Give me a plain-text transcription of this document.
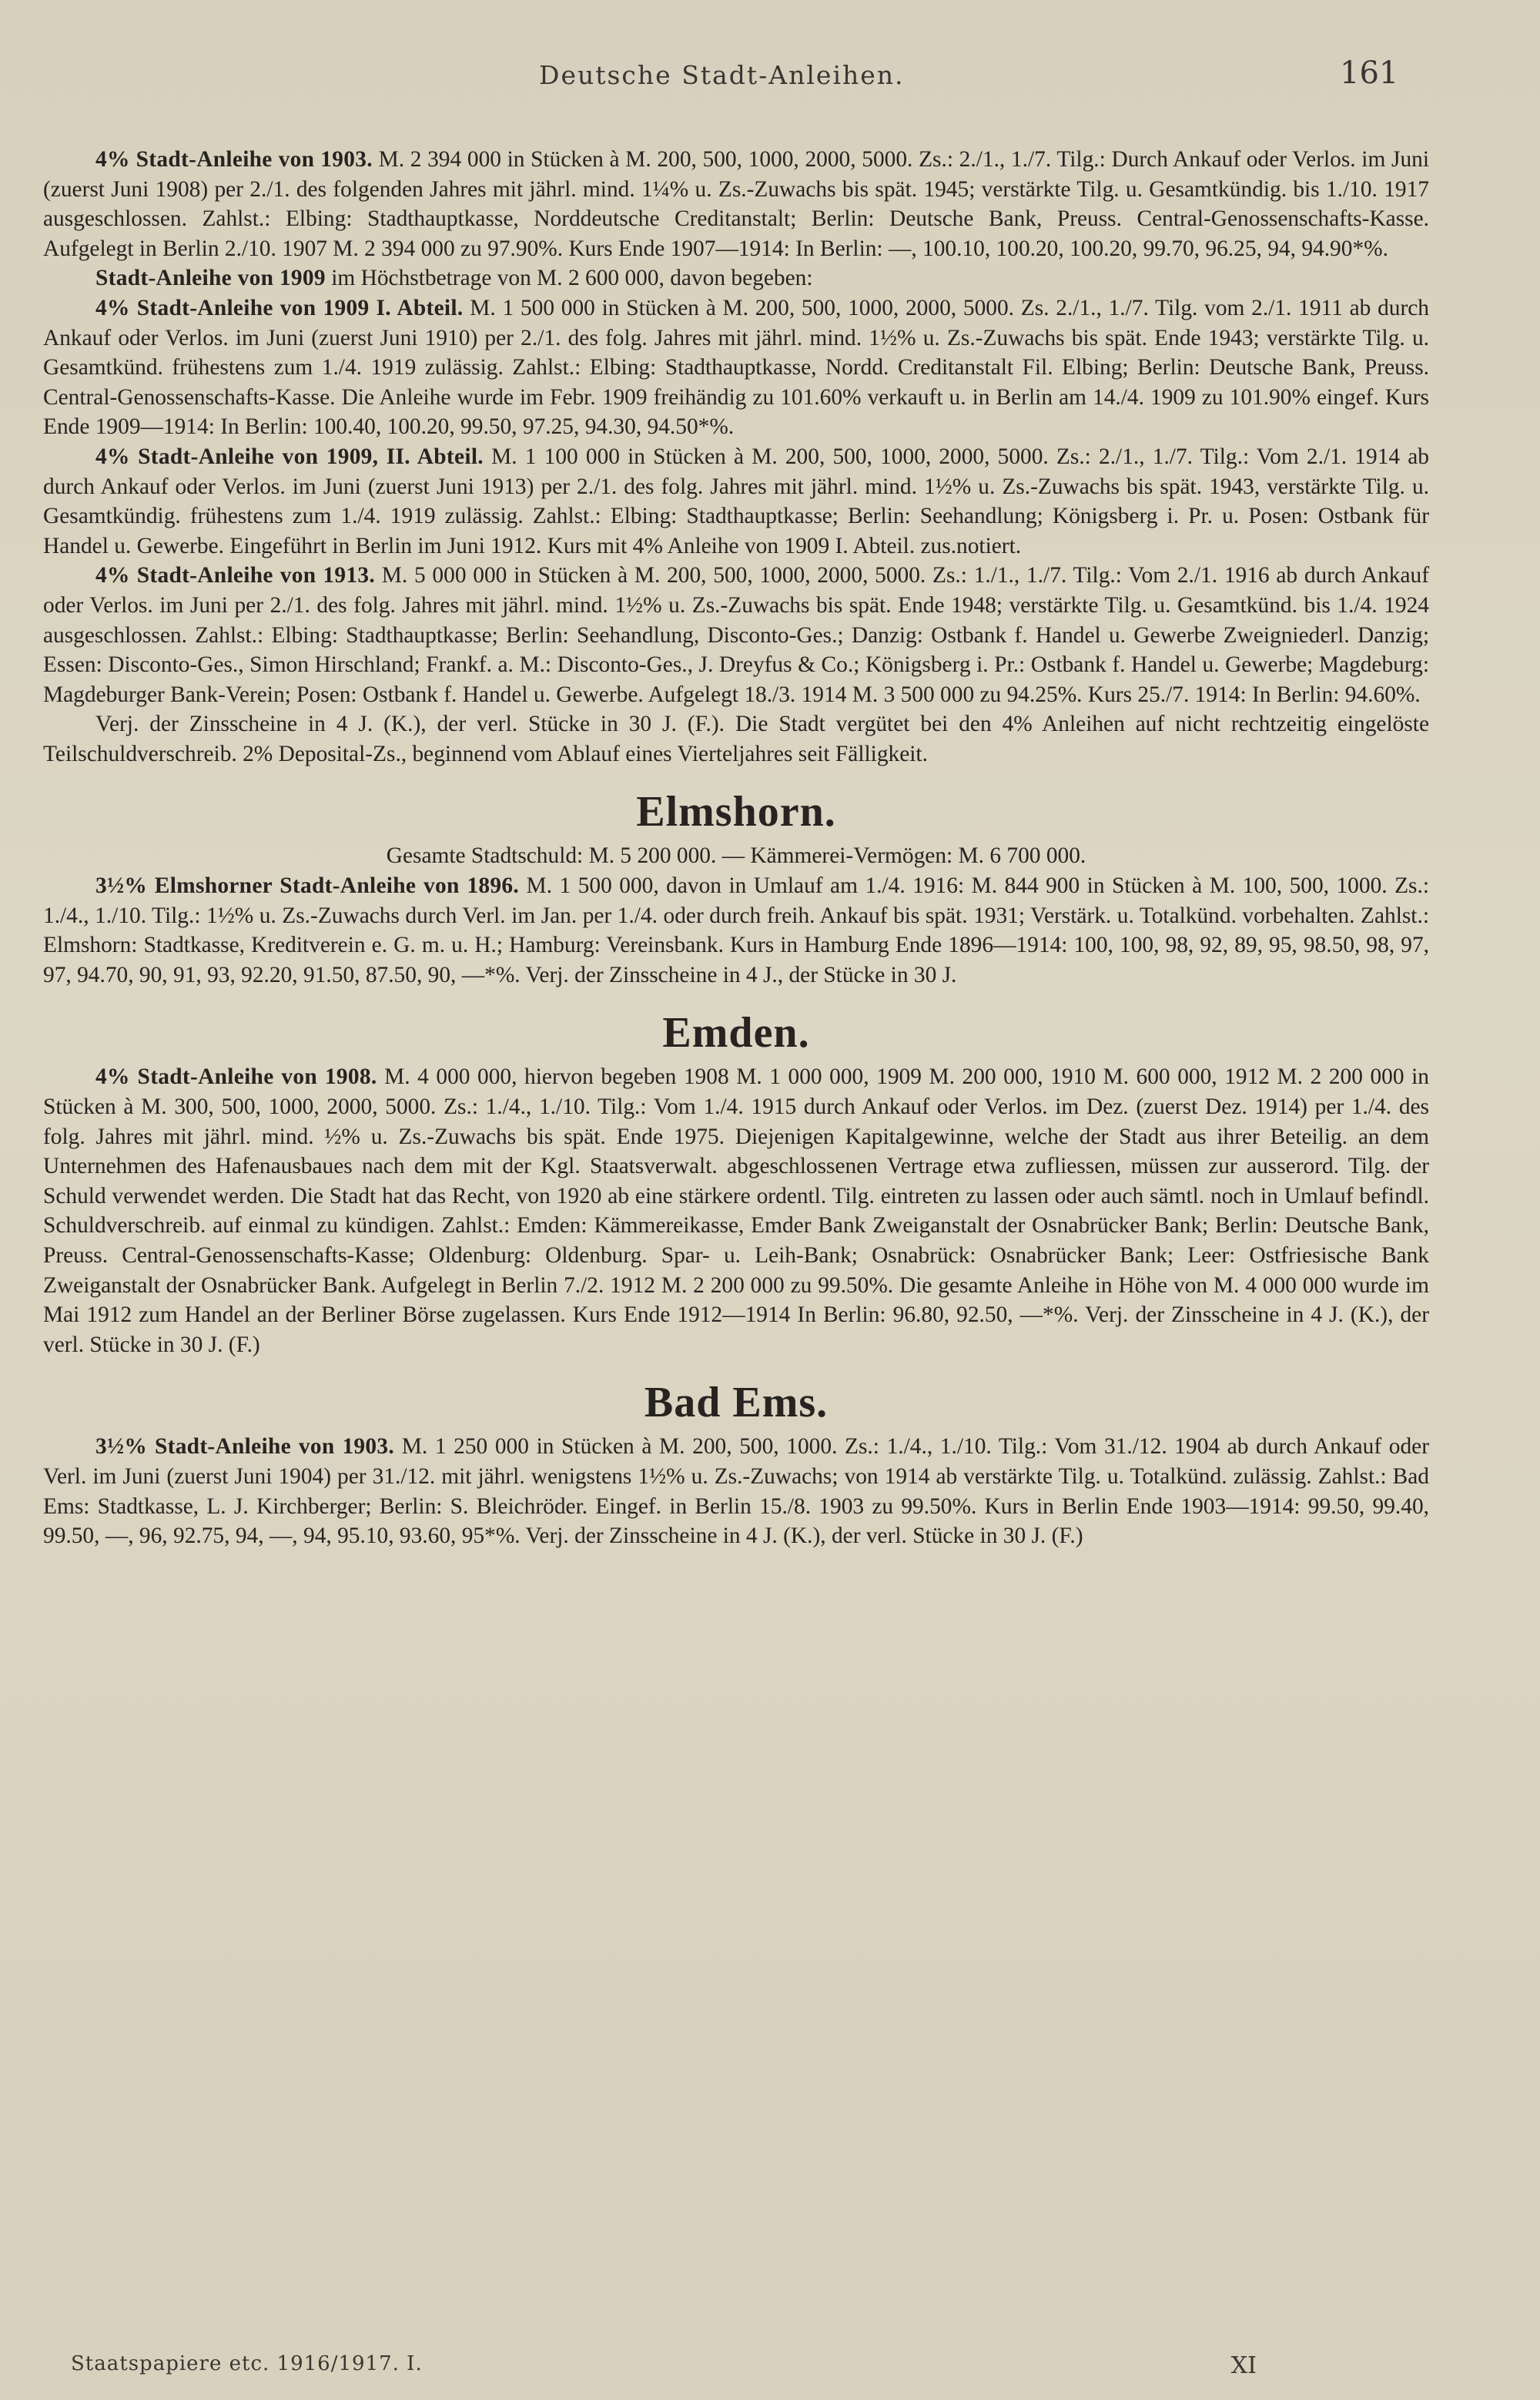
Deutsche Stadt-Anleihen.	161

4% Stadt-Anleihe von 1903. M. 2 394 000 in Stücken à M. 200, 500, 1000, 2000, 5000. Zs.: 2./1., 1./7. Tilg.: Durch Ankauf oder Verlos. im Juni (zuerst Juni 1908) per 2./1. des folgenden Jahres mit jährl. mind. 1¼% u. Zs.-Zuwachs bis spät. 1945; verstärkte Tilg. u. Gesamtkündig. bis 1./10. 1917 ausgeschlossen. Zahlst.: Elbing: Stadthauptkasse, Norddeutsche Creditanstalt; Berlin: Deutsche Bank, Preuss. Central-Genossenschafts-Kasse. Aufgelegt in Berlin 2./10. 1907 M. 2 394 000 zu 97.90%. Kurs Ende 1907—1914: In Berlin: —, 100.10, 100.20, 100.20, 99.70, 96.25, 94, 94.90*%.

Stadt-Anleihe von 1909 im Höchstbetrage von M. 2 600 000, davon begeben:

4% Stadt-Anleihe von 1909 I. Abteil. M. 1 500 000 in Stücken à M. 200, 500, 1000, 2000, 5000. Zs. 2./1., 1./7. Tilg. vom 2./1. 1911 ab durch Ankauf oder Verlos. im Juni (zuerst Juni 1910) per 2./1. des folg. Jahres mit jährl. mind. 1½% u. Zs.-Zuwachs bis spät. Ende 1943; verstärkte Tilg. u. Gesamtkünd. frühestens zum 1./4. 1919 zulässig. Zahlst.: Elbing: Stadthauptkasse, Nordd. Creditanstalt Fil. Elbing; Berlin: Deutsche Bank, Preuss. Central-Genossenschafts-Kasse. Die Anleihe wurde im Febr. 1909 freihändig zu 101.60% verkauft u. in Berlin am 14./4. 1909 zu 101.90% eingef. Kurs Ende 1909—1914: In Berlin: 100.40, 100.20, 99.50, 97.25, 94.30, 94.50*%.

4% Stadt-Anleihe von 1909, II. Abteil. M. 1 100 000 in Stücken à M. 200, 500, 1000, 2000, 5000. Zs.: 2./1., 1./7. Tilg.: Vom 2./1. 1914 ab durch Ankauf oder Verlos. im Juni (zuerst Juni 1913) per 2./1. des folg. Jahres mit jährl. mind. 1½% u. Zs.-Zuwachs bis spät. 1943, verstärkte Tilg. u. Gesamtkündig. frühestens zum 1./4. 1919 zulässig. Zahlst.: Elbing: Stadthauptkasse; Berlin: Seehandlung; Königsberg i. Pr. u. Posen: Ostbank für Handel u. Gewerbe. Eingeführt in Berlin im Juni 1912. Kurs mit 4% Anleihe von 1909 I. Abteil. zus.notiert.

4% Stadt-Anleihe von 1913. M. 5 000 000 in Stücken à M. 200, 500, 1000, 2000, 5000. Zs.: 1./1., 1./7. Tilg.: Vom 2./1. 1916 ab durch Ankauf oder Verlos. im Juni per 2./1. des folg. Jahres mit jährl. mind. 1½% u. Zs.-Zuwachs bis spät. Ende 1948; verstärkte Tilg. u. Gesamtkünd. bis 1./4. 1924 ausgeschlossen. Zahlst.: Elbing: Stadthauptkasse; Berlin: Seehandlung, Disconto-Ges.; Danzig: Ostbank f. Handel u. Gewerbe Zweigniederl. Danzig; Essen: Disconto-Ges., Simon Hirschland; Frankf. a. M.: Disconto-Ges., J. Dreyfus & Co.; Königsberg i. Pr.: Ostbank f. Handel u. Gewerbe; Magdeburg: Magdeburger Bank-Verein; Posen: Ostbank f. Handel u. Gewerbe. Aufgelegt 18./3. 1914 M. 3 500 000 zu 94.25%. Kurs 25./7. 1914: In Berlin: 94.60%.

Verj. der Zinsscheine in 4 J. (K.), der verl. Stücke in 30 J. (F.). Die Stadt vergütet bei den 4% Anleihen auf nicht rechtzeitig eingelöste Teilschuldverschreib. 2% Deposital-Zs., beginnend vom Ablauf eines Vierteljahres seit Fälligkeit.

Elmshorn.

Gesamte Stadtschuld: M. 5 200 000. — Kämmerei-Vermögen: M. 6 700 000.

3½% Elmshorner Stadt-Anleihe von 1896. M. 1 500 000, davon in Umlauf am 1./4. 1916: M. 844 900 in Stücken à M. 100, 500, 1000. Zs.: 1./4., 1./10. Tilg.: 1½% u. Zs.-Zuwachs durch Verl. im Jan. per 1./4. oder durch freih. Ankauf bis spät. 1931; Verstärk. u. Totalkünd. vorbehalten. Zahlst.: Elmshorn: Stadtkasse, Kreditverein e. G. m. u. H.; Hamburg: Vereinsbank. Kurs in Hamburg Ende 1896—1914: 100, 100, 98, 92, 89, 95, 98.50, 98, 97, 97, 94.70, 90, 91, 93, 92.20, 91.50, 87.50, 90, —*%. Verj. der Zinsscheine in 4 J., der Stücke in 30 J.

Emden.

4% Stadt-Anleihe von 1908. M. 4 000 000, hiervon begeben 1908 M. 1 000 000, 1909 M. 200 000, 1910 M. 600 000, 1912 M. 2 200 000 in Stücken à M. 300, 500, 1000, 2000, 5000. Zs.: 1./4., 1./10. Tilg.: Vom 1./4. 1915 durch Ankauf oder Verlos. im Dez. (zuerst Dez. 1914) per 1./4. des folg. Jahres mit jährl. mind. ½% u. Zs.-Zuwachs bis spät. Ende 1975. Diejenigen Kapitalgewinne, welche der Stadt aus ihrer Beteilig. an dem Unternehmen des Hafenausbaues nach dem mit der Kgl. Staatsverwalt. abgeschlossenen Vertrage etwa zufliessen, müssen zur ausserord. Tilg. der Schuld verwendet werden. Die Stadt hat das Recht, von 1920 ab eine stärkere ordentl. Tilg. eintreten zu lassen oder auch sämtl. noch in Umlauf befindl. Schuldverschreib. auf einmal zu kündigen. Zahlst.: Emden: Kämmereikasse, Emder Bank Zweiganstalt der Osnabrücker Bank; Berlin: Deutsche Bank, Preuss. Central-Genossenschafts-Kasse; Oldenburg: Oldenburg. Spar- u. Leih-Bank; Osnabrück: Osnabrücker Bank; Leer: Ostfriesische Bank Zweiganstalt der Osnabrücker Bank. Aufgelegt in Berlin 7./2. 1912 M. 2 200 000 zu 99.50%. Die gesamte Anleihe in Höhe von M. 4 000 000 wurde im Mai 1912 zum Handel an der Berliner Börse zugelassen. Kurs Ende 1912—1914 In Berlin: 96.80, 92.50, —*%. Verj. der Zinsscheine in 4 J. (K.), der verl. Stücke in 30 J. (F.)

Bad Ems.

3½% Stadt-Anleihe von 1903. M. 1 250 000 in Stücken à M. 200, 500, 1000. Zs.: 1./4., 1./10. Tilg.: Vom 31./12. 1904 ab durch Ankauf oder Verl. im Juni (zuerst Juni 1904) per 31./12. mit jährl. wenigstens 1½% u. Zs.-Zuwachs; von 1914 ab verstärkte Tilg. u. Totalkünd. zulässig. Zahlst.: Bad Ems: Stadtkasse, L. J. Kirchberger; Berlin: S. Bleichröder. Eingef. in Berlin 15./8. 1903 zu 99.50%. Kurs in Berlin Ende 1903—1914: 99.50, 99.40, 99.50, —, 96, 92.75, 94, —, 94, 95.10, 93.60, 95*%. Verj. der Zinsscheine in 4 J. (K.), der verl. Stücke in 30 J. (F.)

Staatspapiere etc. 1916/1917. I.	XI
